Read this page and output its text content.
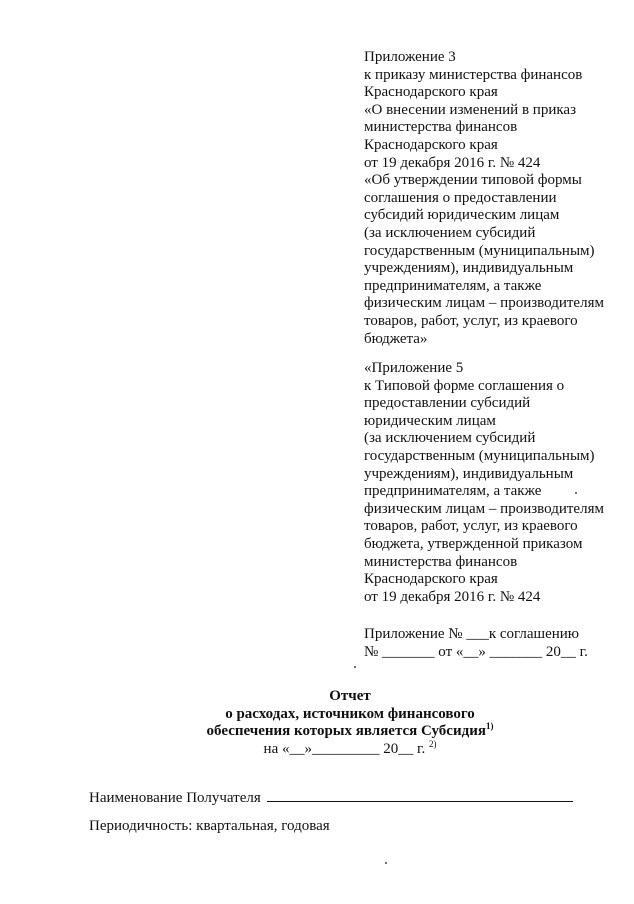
Приложение 3
к приказу министерства финансов
Краснодарского края
«О внесении изменений в приказ
министерства финансов
Краснодарского края
от 19 декабря 2016 г. № 424
«Об утверждении типовой формы
соглашения о предоставлении
субсидий юридическим лицам
(за исключением субсидий
государственным (муниципальным)
учреждениям), индивидуальным
предпринимателям, а также
физическим лицам – производителям
товаров, работ, услуг, из краевого
бюджета»
«Приложение 5
к Типовой форме соглашения о
предоставлении субсидий
юридическим лицам
(за исключением субсидий
государственным (муниципальным)
учреждениям), индивидуальным
предпринимателям, а также
физическим лицам – производителям
товаров, работ, услуг, из краевого
бюджета, утвержденной приказом
министерства финансов
Краснодарского края
от 19 декабря 2016 г. № 424
Приложение № ___к соглашению
№ _______ от «__» _______ 20__ г.
Отчет
о расходах, источником финансового
обеспечения которых является Субсидия$^{1)}$
на «__»_________ 20__ г. $^{2)}$
Наименование Получателя
Периодичность: квартальная, годовая
